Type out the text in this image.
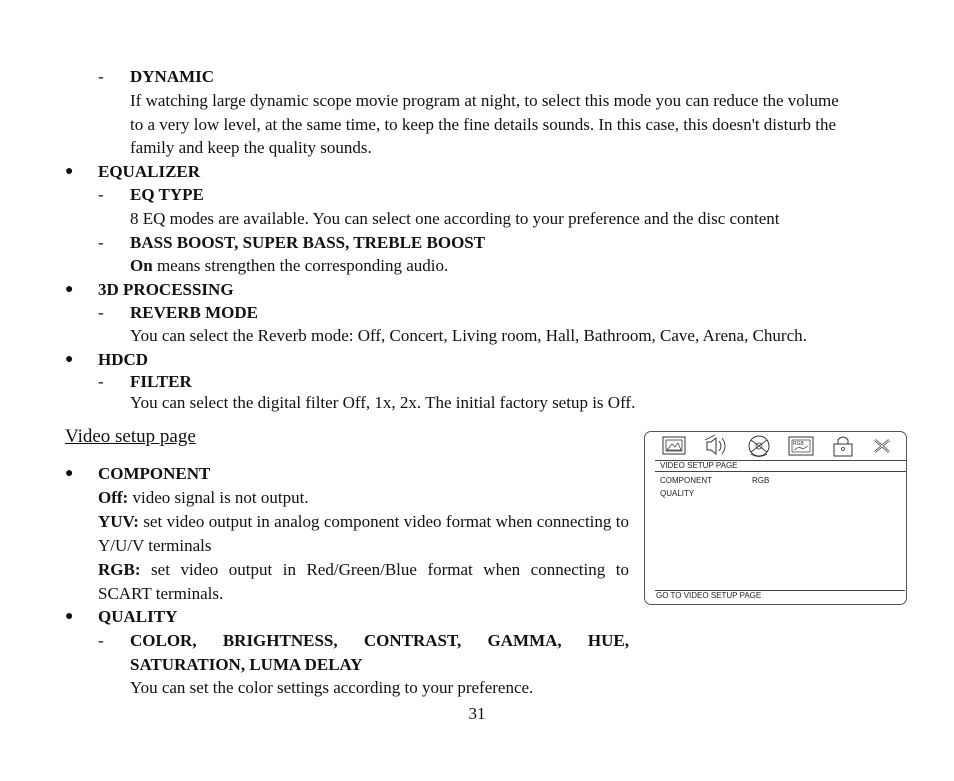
- DYNAMIC
If watching large dynamic scope movie program at night, to select this mode you can reduce the volume
to a very low level, at the same time, to keep the fine details sounds. In this case, this doesn't disturb the
family and keep the quality sounds.
● EQUALIZER
- EQ TYPE
8 EQ modes are available. You can select one according to your preference and the disc content
- BASS BOOST, SUPER BASS, TREBLE BOOST
On means strengthen the corresponding audio.
● 3D PROCESSING
- REVERB MODE
You can select the Reverb mode: Off, Concert, Living room, Hall, Bathroom, Cave, Arena, Church.
● HDCD
- FILTER
You can select the digital filter Off, 1x, 2x. The initial factory setup is Off.
Video setup page
● COMPONENT
Off: video signal is not output.
YUV: set video output in analog component video format when connecting to Y/U/V terminals
RGB: set video output in Red/Green/Blue format when connecting to SCART terminals.
● QUALITY
- COLOR, BRIGHTNESS, CONTRAST, GAMMA, HUE, SATURATION, LUMA DELAY
You can set the color settings according to your preference.
RGB
VIDEO SETUP PAGE
COMPONENT	RGB
QUALITY
GO TO VIDEO SETUP PAGE
31
